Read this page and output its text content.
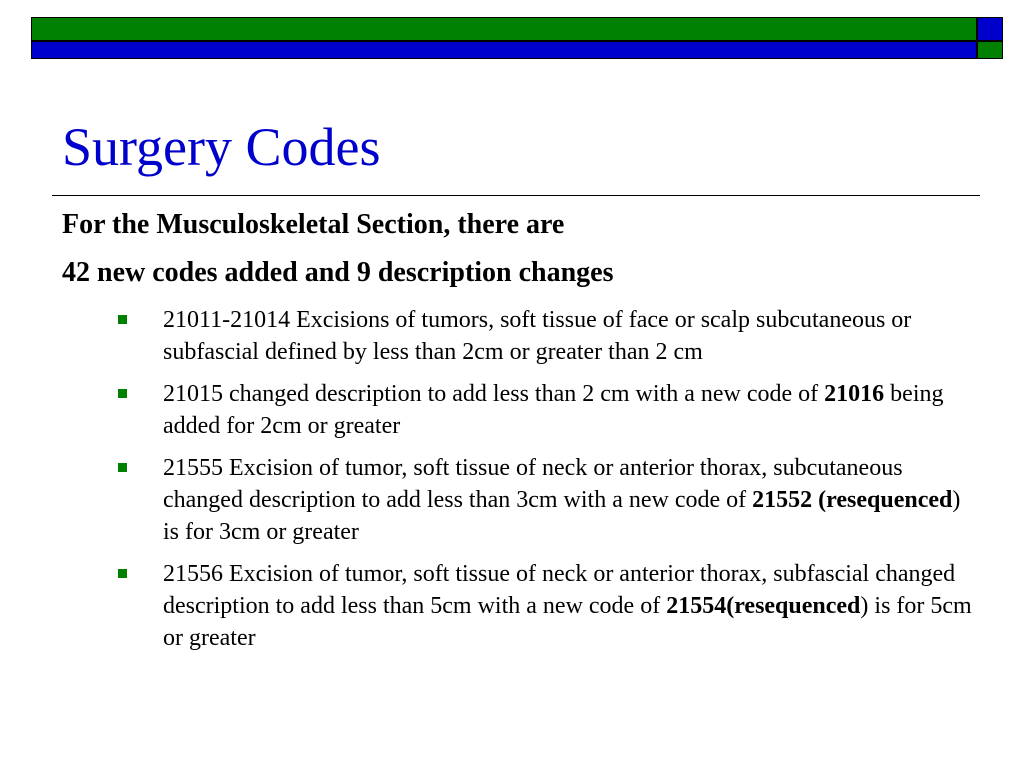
Surgery Codes

For the Musculoskeletal Section, there are

42 new codes added and 9 description changes

21011-21014 Excisions of tumors, soft tissue of face or scalp subcutaneous or subfascial defined by less than 2cm or greater than 2 cm
21015 changed description to add less than 2 cm with a new code of 21016 being added for 2cm or greater
21555 Excision of tumor, soft tissue of neck or anterior thorax, subcutaneous changed description to add less than 3cm with a new code of 21552 (resequenced) is for 3cm or greater
21556 Excision of tumor, soft tissue of neck or anterior thorax, subfascial changed description to add less than 5cm with a new code of 21554(resequenced) is for 5cm or greater
